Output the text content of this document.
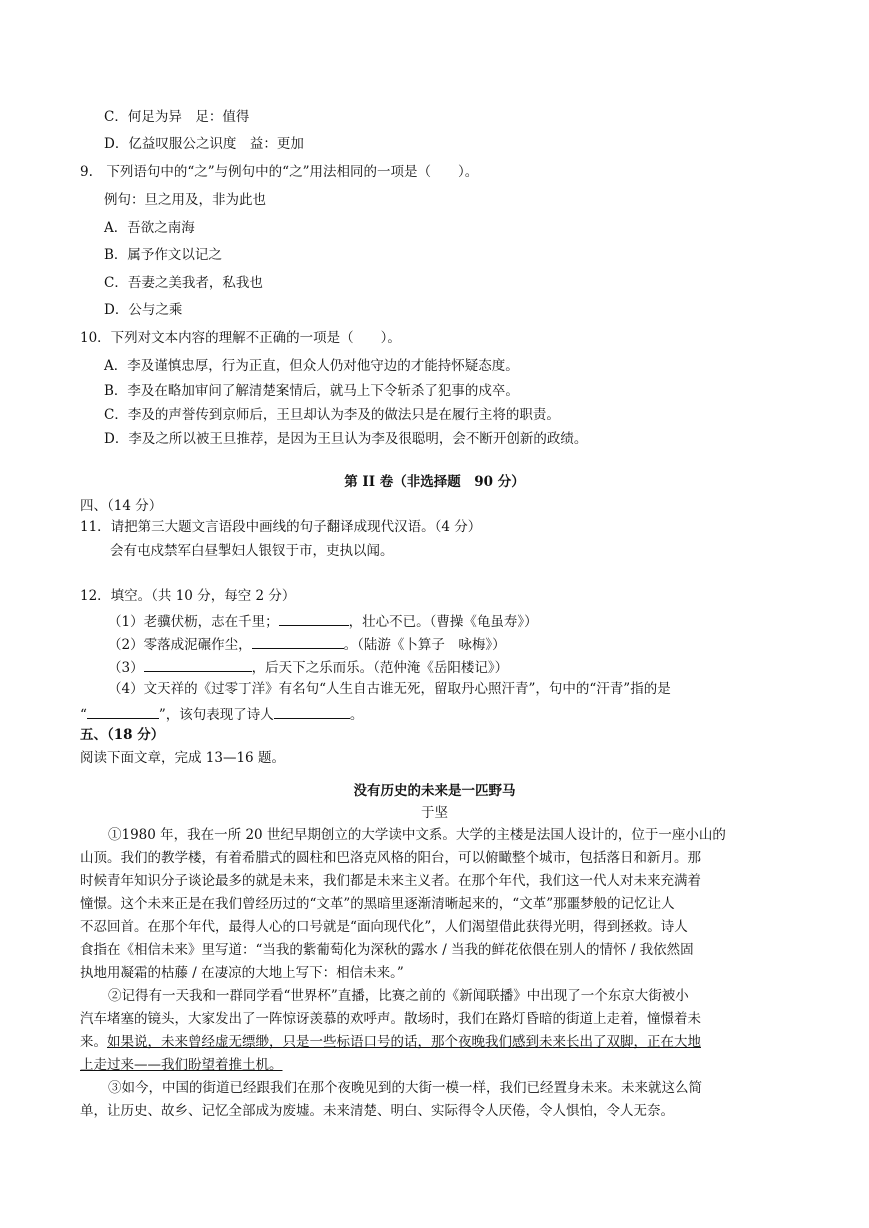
C．何足为异　足：值得
D．亿益叹服公之识度　益：更加
9.　下列语句中的“之”与例句中的“之”用法相同的一项是（　　）。
例句：旦之用及，非为此也
A．吾欲之南海
B．属予作文以记之
C．吾妻之美我者，私我也
D．公与之乘
10．下列对文本内容的理解不正确的一项是（　　）。
A．李及谨慎忠厚，行为正直，但众人仍对他守边的才能持怀疑态度。
B．李及在略加审问了解清楚案情后，就马上下令斩杀了犯事的戍卒。
C．李及的声誉传到京师后，王旦却认为李及的做法只是在履行主将的职责。
D．李及之所以被王旦推荐，是因为王旦认为李及很聪明，会不断开创新的政绩。
第 II 卷（非选择题　90 分）
四、（14 分）
11．请把第三大题文言语段中画线的句子翻译成现代汉语。（4 分）
会有屯戍禁军白昼掣妇人银钗于市，吏执以闻。
12．填空。（共 10 分，每空 2 分）
（1）老骥伏枥，志在千里；	，壮心不已。（曹操《龟虽寿》）
（2）零落成泥碾作尘，	。（陆游《卜算子　咏梅》）
（3）	，后天下之乐而乐。（范仲淹《岳阳楼记》）
（4）文天祥的《过零丁洋》有名句“人生自古谁无死，留取丹心照汗青”，句中的“汗青”指的是
“	”，该句表现了诗人	。
五、（18 分）
阅读下面文章，完成 13—16 题。
没有历史的未来是一匹野马
于坚
①1980 年，我在一所 20 世纪早期创立的大学读中文系。大学的主楼是法国人设计的，位于一座小山的
山顶。我们的教学楼，有着希腊式的圆柱和巴洛克风格的阳台，可以俯瞰整个城市，包括落日和新月。那
时候青年知识分子谈论最多的就是未来，我们都是未来主义者。在那个年代，我们这一代人对未来充满着
憧憬。这个未来正是在我们曾经历过的“文革”的黑暗里逐渐清晰起来的，“文革”那噩梦般的记忆让人
不忍回首。在那个年代，最得人心的口号就是“面向现代化”，人们渴望借此获得光明，得到拯救。诗人
食指在《相信未来》里写道：“当我的紫葡萄化为深秋的露水 / 当我的鲜花依偎在别人的情怀 / 我依然固
执地用凝霜的枯藤 / 在凄凉的大地上写下：相信未来。”
②记得有一天我和一群同学看“世界杯”直播，比赛之前的《新闻联播》中出现了一个东京大街被小
汽车堵塞的镜头，大家发出了一阵惊讶羡慕的欢呼声。散场时，我们在路灯昏暗的街道上走着，憧憬着未
来。如果说，未来曾经虚无缥缈，只是一些标语口号的话，那个夜晚我们感到未来长出了双脚，正在大地
上走过来——我们盼望着推土机。
③如今，中国的街道已经跟我们在那个夜晚见到的大街一模一样，我们已经置身未来。未来就这么简
单，让历史、故乡、记忆全部成为废墟。未来清楚、明白、实际得令人厌倦，令人惧怕，令人无奈。
